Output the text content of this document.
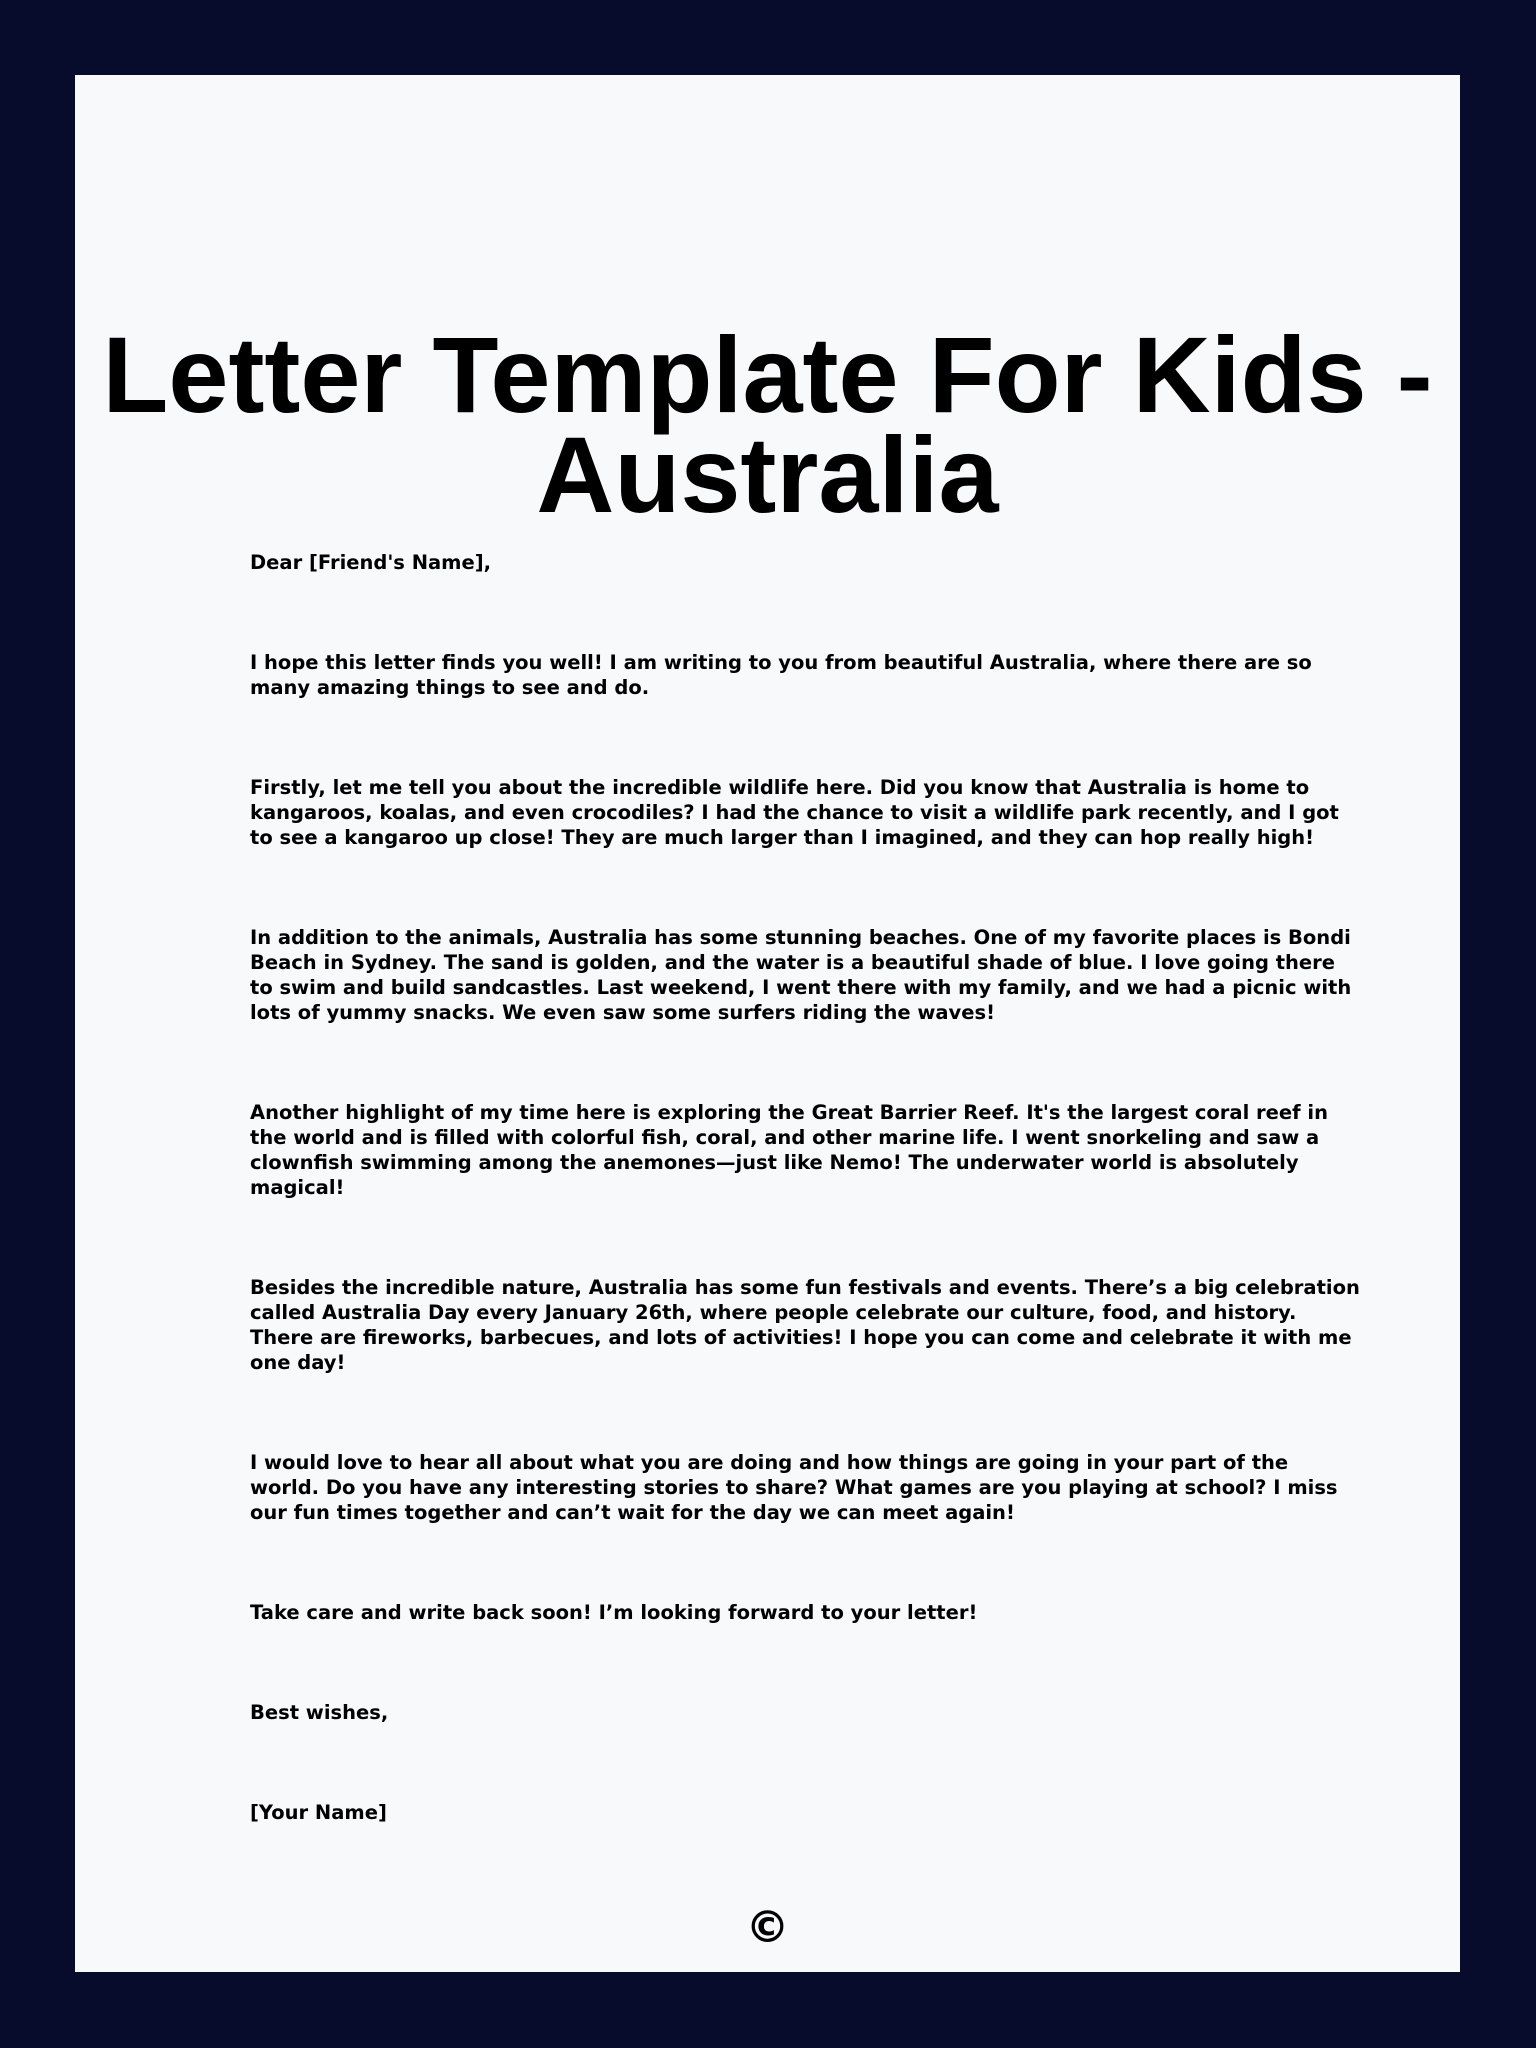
Letter Template For Kids - Australia

Dear [Friend's Name],

I hope this letter finds you well! I am writing to you from beautiful Australia, where there are so many amazing things to see and do.

Firstly, let me tell you about the incredible wildlife here. Did you know that Australia is home to kangaroos, koalas, and even crocodiles? I had the chance to visit a wildlife park recently, and I got to see a kangaroo up close! They are much larger than I imagined, and they can hop really high!

In addition to the animals, Australia has some stunning beaches. One of my favorite places is Bondi Beach in Sydney. The sand is golden, and the water is a beautiful shade of blue. I love going there to swim and build sandcastles. Last weekend, I went there with my family, and we had a picnic with lots of yummy snacks. We even saw some surfers riding the waves!

Another highlight of my time here is exploring the Great Barrier Reef. It's the largest coral reef in the world and is filled with colorful fish, coral, and other marine life. I went snorkeling and saw a clownfish swimming among the anemones—just like Nemo! The underwater world is absolutely magical!

Besides the incredible nature, Australia has some fun festivals and events. There’s a big celebration called Australia Day every January 26th, where people celebrate our culture, food, and history. There are fireworks, barbecues, and lots of activities! I hope you can come and celebrate it with me one day!

I would love to hear all about what you are doing and how things are going in your part of the world. Do you have any interesting stories to share? What games are you playing at school? I miss our fun times together and can’t wait for the day we can meet again!

Take care and write back soon! I’m looking forward to your letter!

Best wishes,

[Your Name]

©
